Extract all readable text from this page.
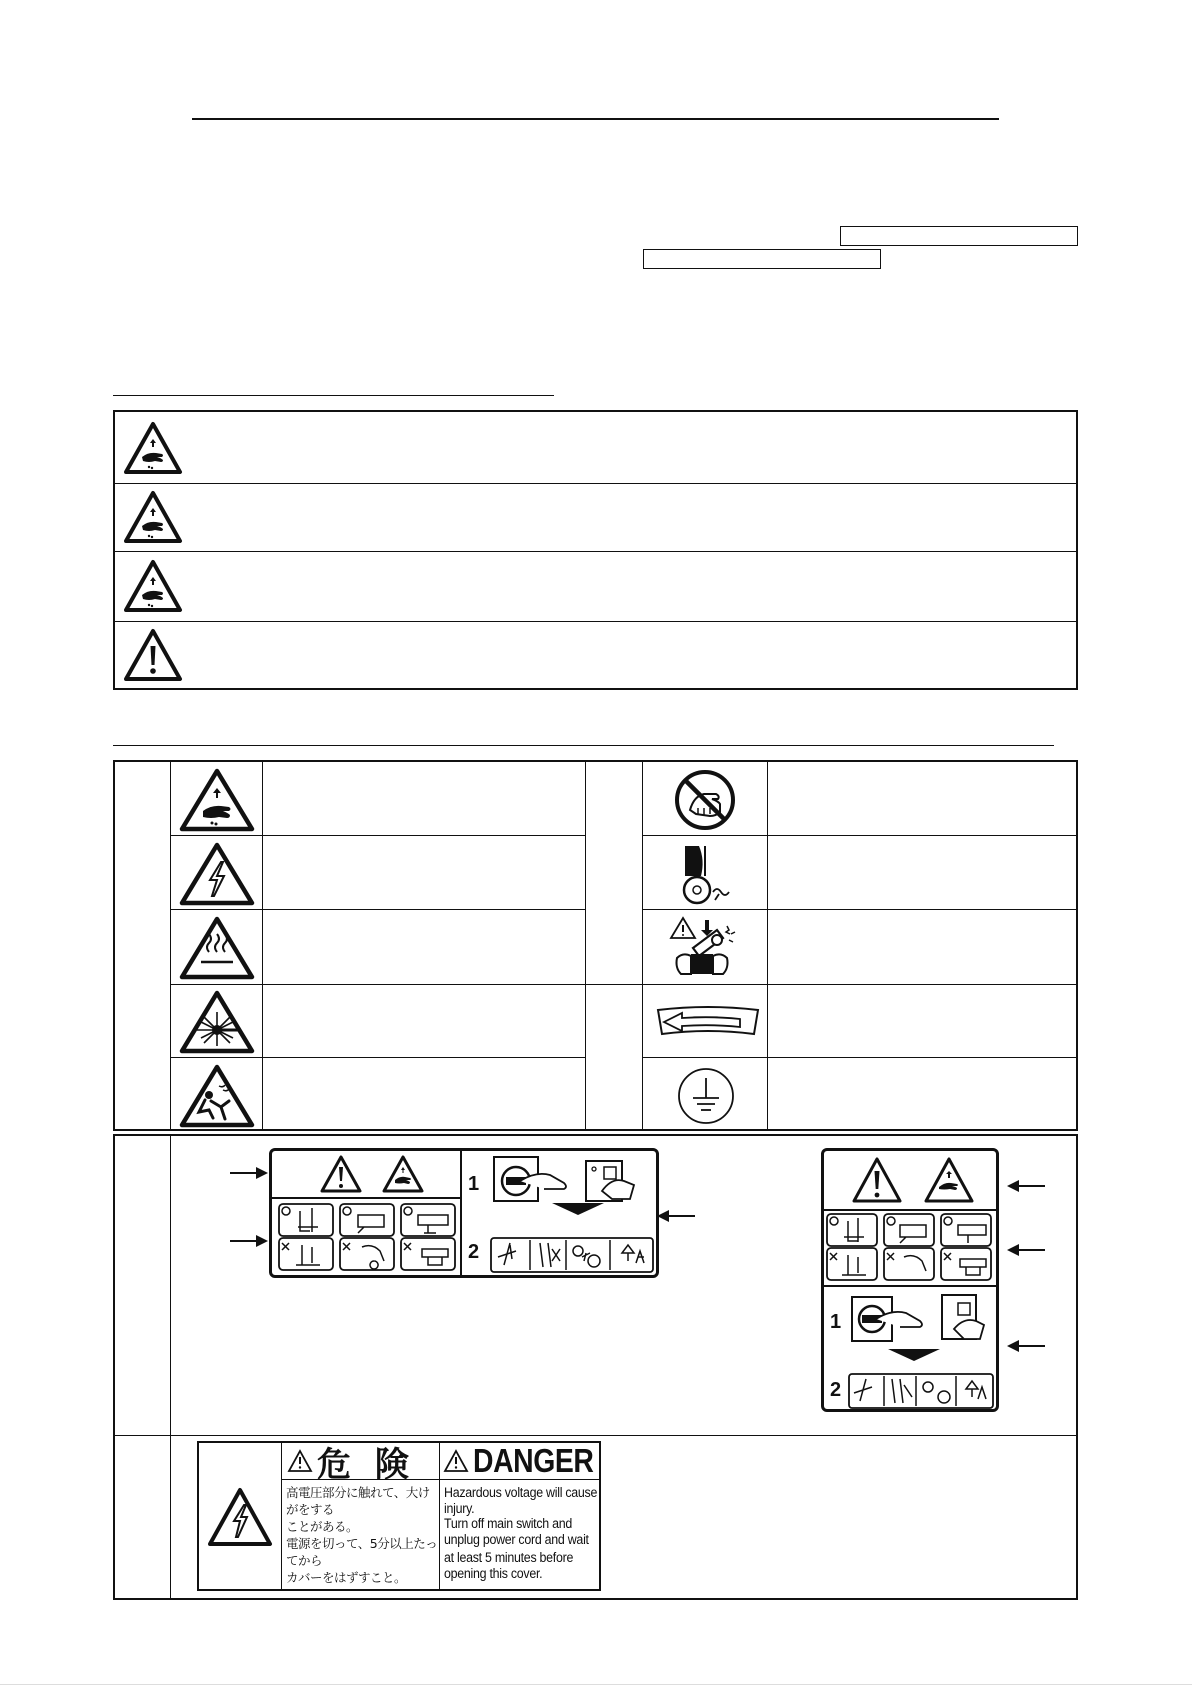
1
2
1
2
危 険 DANGER
高電圧部分に触れて、大けがをする
ことがある。
電源を切って、5分以上たってから
カバーをはずすこと。
Hazardous voltage will cause
injury.
Turn off main switch and
unplug power cord and wait
at least 5 minutes before
opening this cover.
